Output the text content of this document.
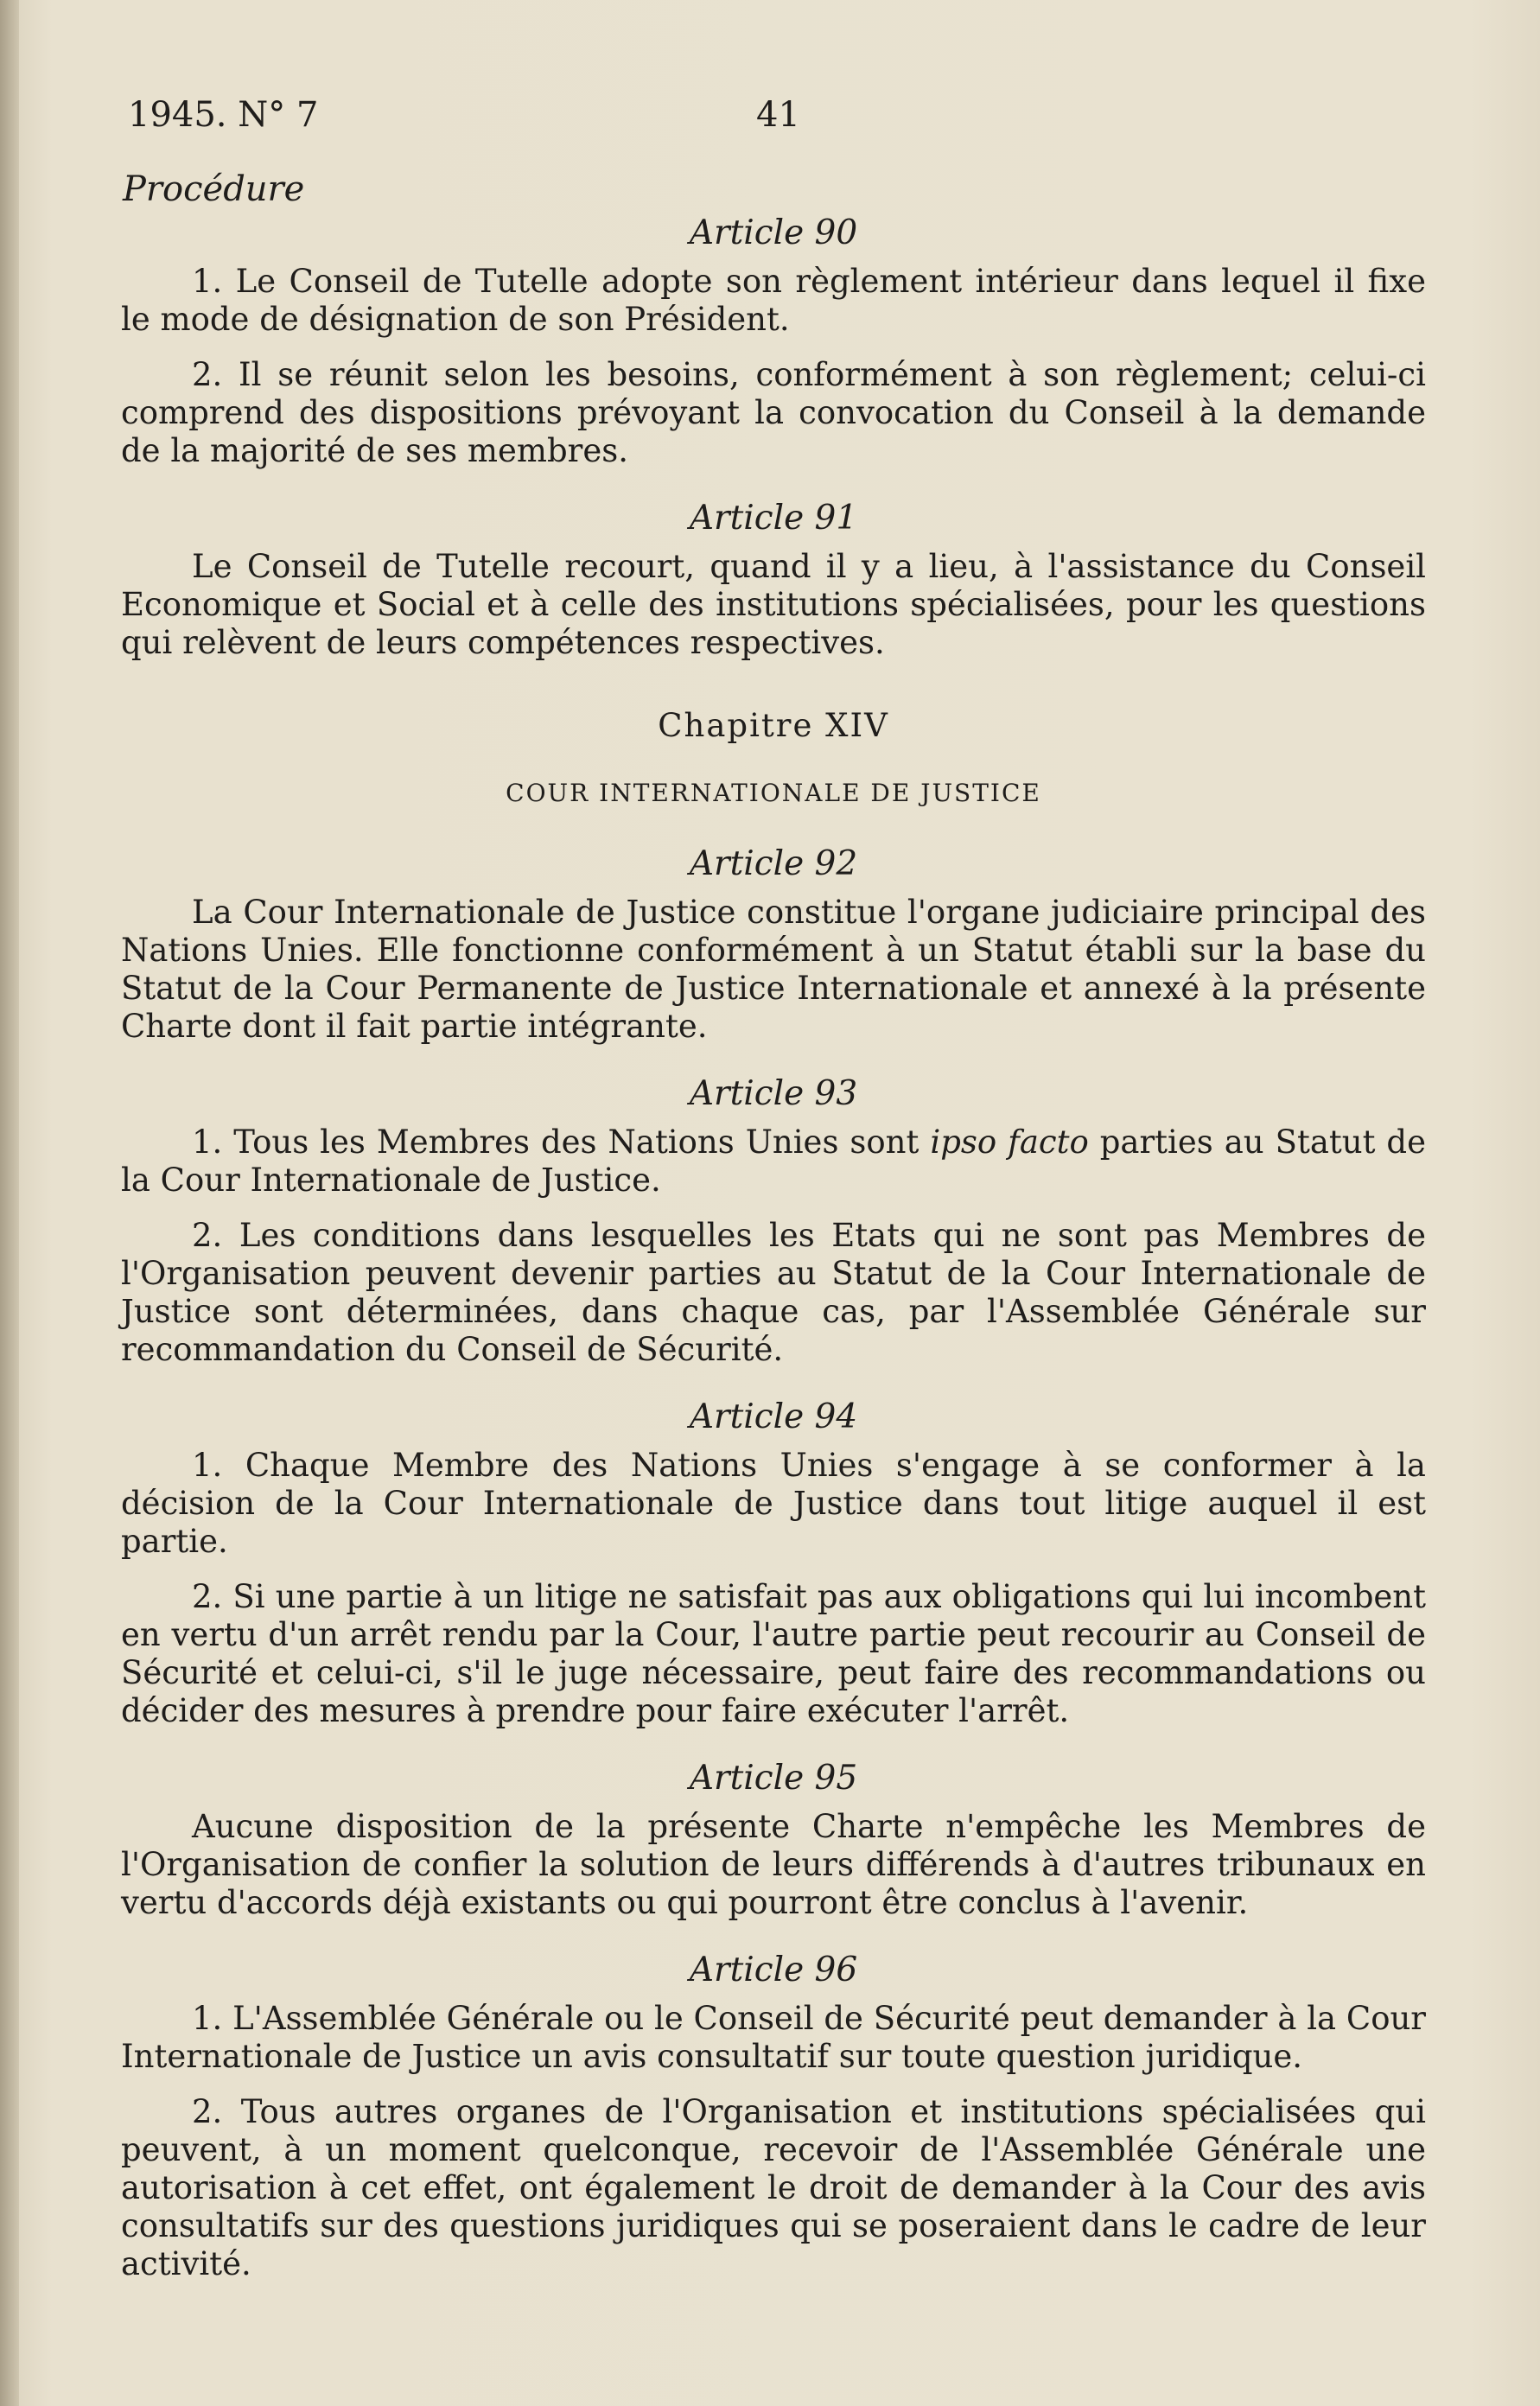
1945. N° 7	41
Procédure
Article 90

1. Le Conseil de Tutelle adopte son règlement intérieur dans lequel il fixe le mode de désignation de son Président.

2. Il se réunit selon les besoins, conformément à son règlement; celui-ci comprend des dispositions prévoyant la convocation du Conseil à la demande de la majorité de ses membres.

Article 91

Le Conseil de Tutelle recourt, quand il y a lieu, à l'assistance du Conseil Economique et Social et à celle des institutions spécialisées, pour les questions qui relèvent de leurs compétences respectives.

Chapitre XIV
COUR INTERNATIONALE DE JUSTICE
Article 92

La Cour Internationale de Justice constitue l'organe judiciaire principal des Nations Unies. Elle fonctionne conformément à un Statut établi sur la base du Statut de la Cour Permanente de Justice Internationale et annexé à la présente Charte dont il fait partie intégrante.

Article 93

1. Tous les Membres des Nations Unies sont ipso facto parties au Statut de la Cour Internationale de Justice.

2. Les conditions dans lesquelles les Etats qui ne sont pas Membres de l'Organisation peuvent devenir parties au Statut de la Cour Internationale de Justice sont déterminées, dans chaque cas, par l'Assemblée Générale sur recommandation du Conseil de Sécurité.

Article 94

1. Chaque Membre des Nations Unies s'engage à se conformer à la décision de la Cour Internationale de Justice dans tout litige auquel il est partie.

2. Si une partie à un litige ne satisfait pas aux obligations qui lui incombent en vertu d'un arrêt rendu par la Cour, l'autre partie peut recourir au Conseil de Sécurité et celui-ci, s'il le juge nécessaire, peut faire des recommandations ou décider des mesures à prendre pour faire exécuter l'arrêt.

Article 95

Aucune disposition de la présente Charte n'empêche les Membres de l'Organisation de confier la solution de leurs différends à d'autres tribunaux en vertu d'accords déjà existants ou qui pourront être conclus à l'avenir.

Article 96

1. L'Assemblée Générale ou le Conseil de Sécurité peut demander à la Cour Internationale de Justice un avis consultatif sur toute question juridique.

2. Tous autres organes de l'Organisation et institutions spécialisées qui peuvent, à un moment quelconque, recevoir de l'Assemblée Générale une autorisation à cet effet, ont également le droit de demander à la Cour des avis consultatifs sur des questions juridiques qui se poseraient dans le cadre de leur activité.
